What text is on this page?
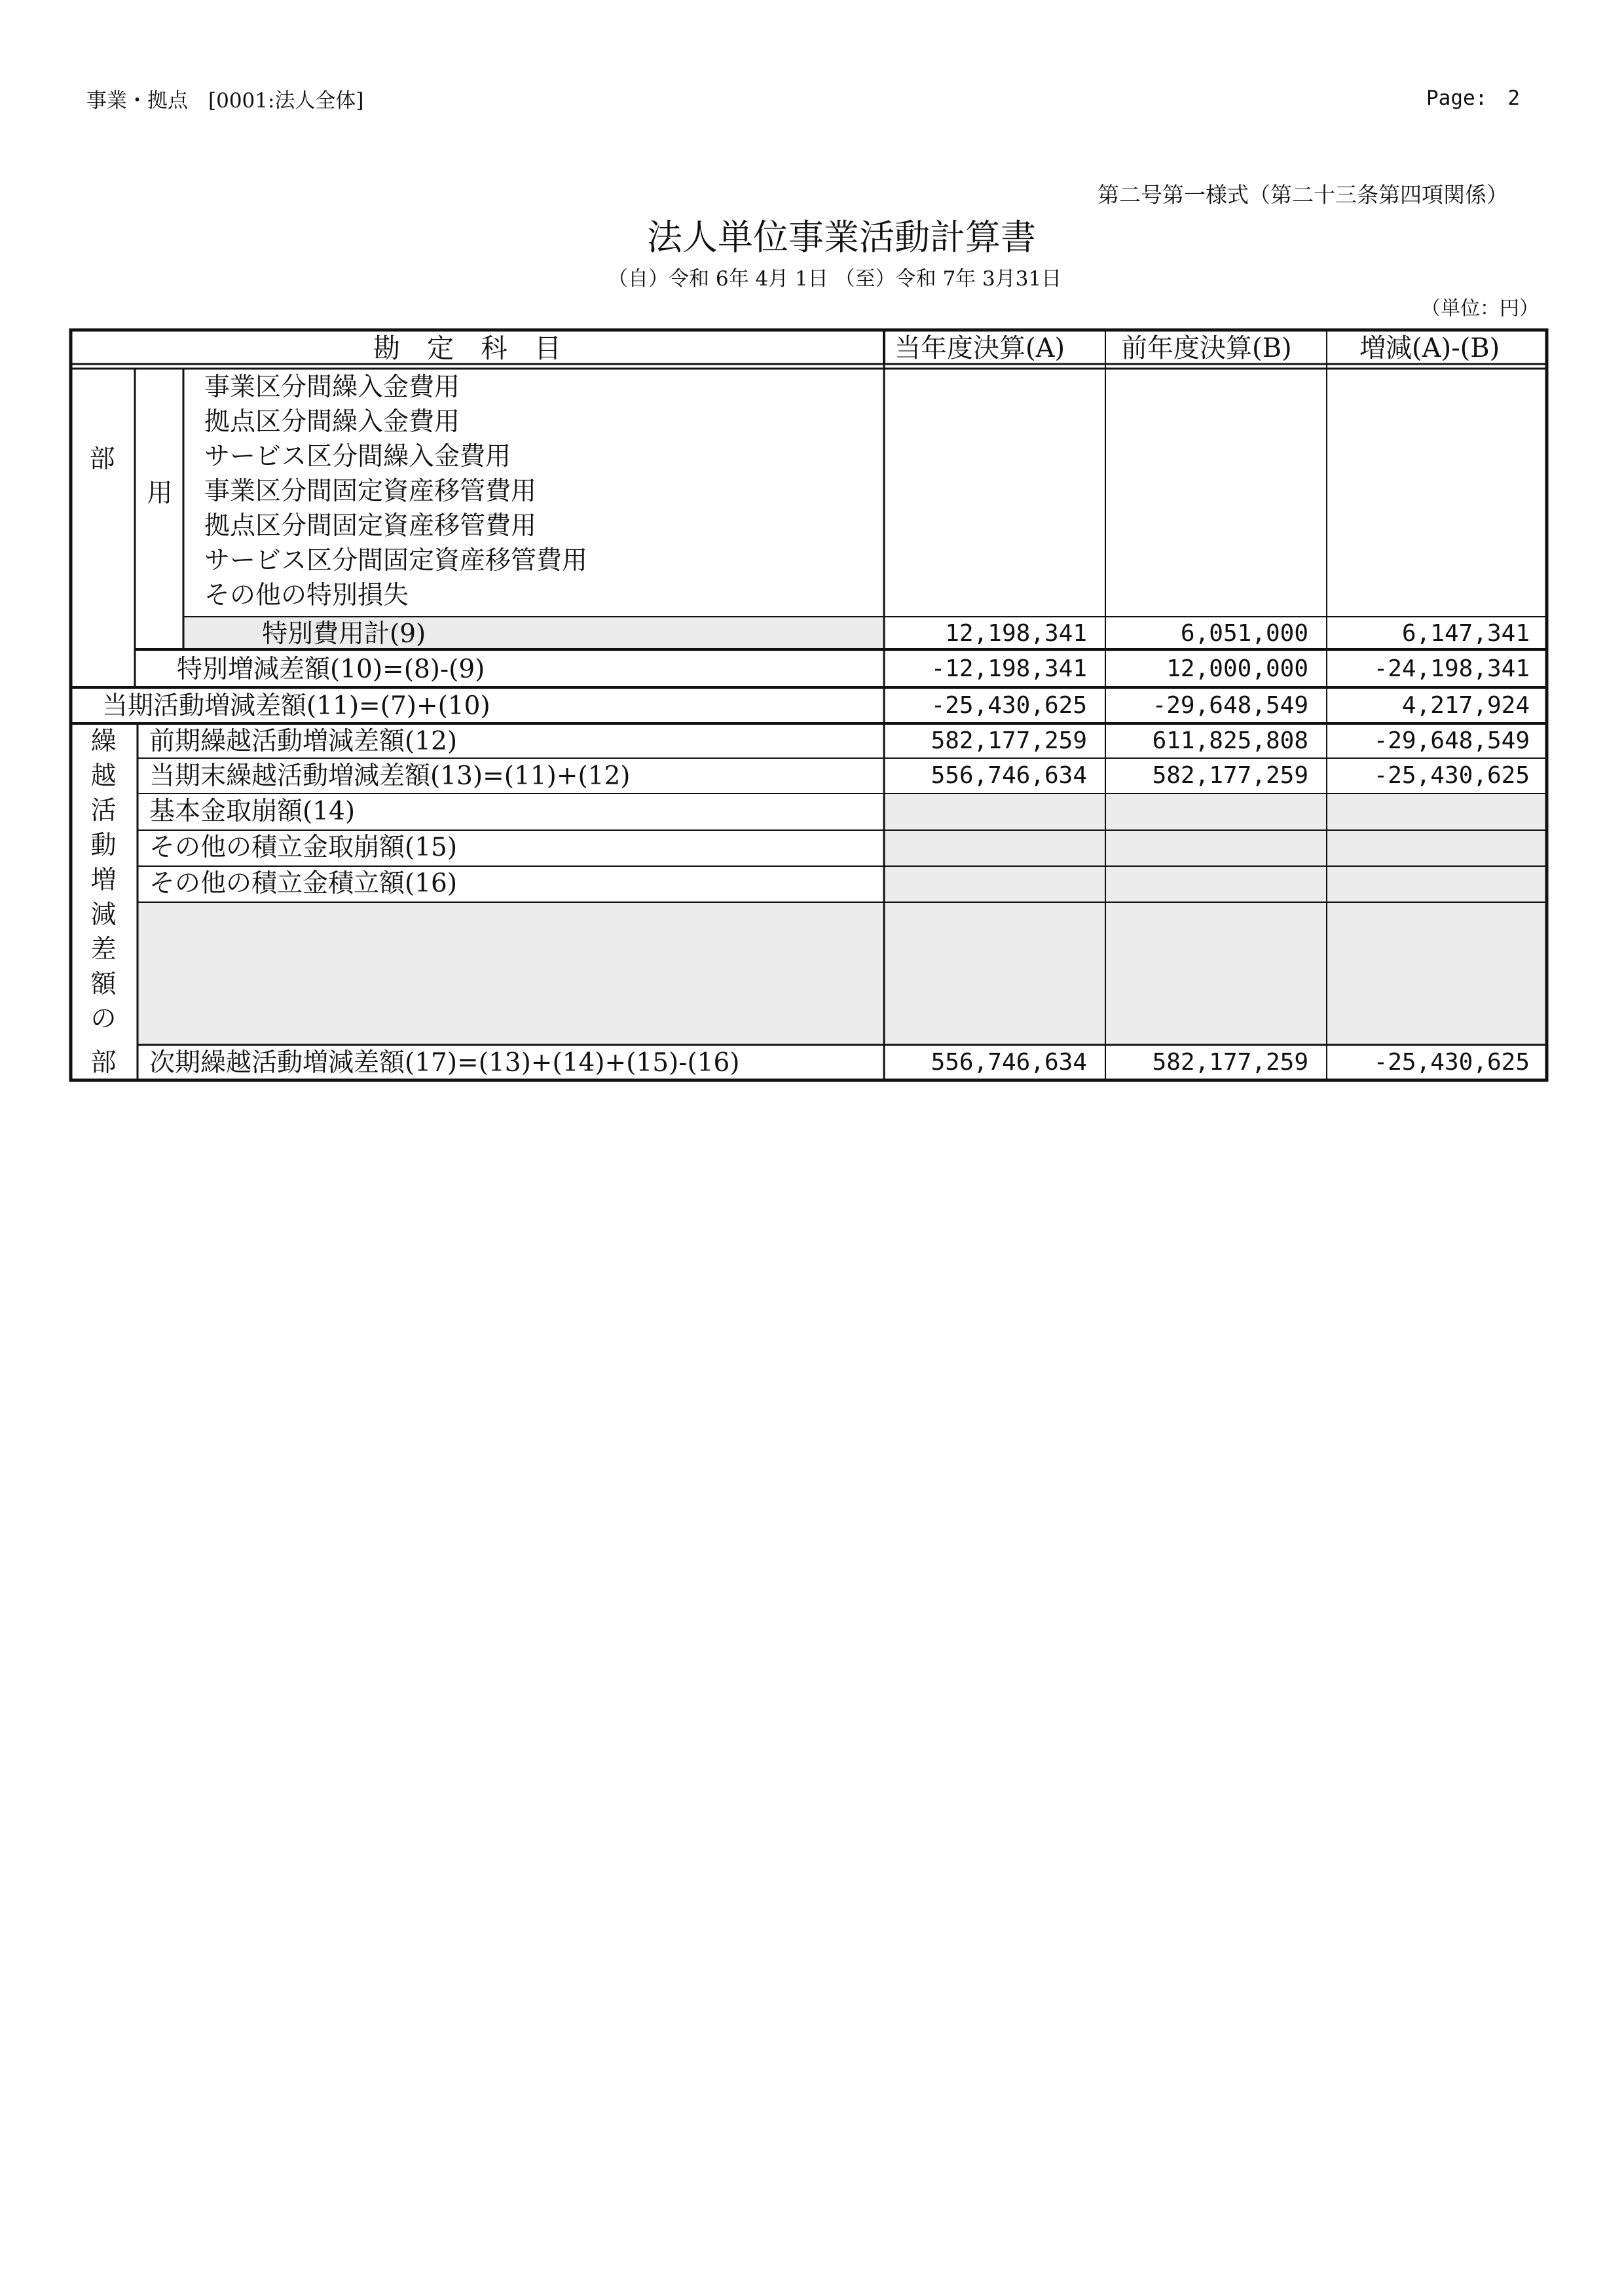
事業・拠点　[0001:法人全体]	Page:　2
第二号第一様式（第二十三条第四項関係）
法人単位事業活動計算書
（自）令和 6年 4月 1日 （至）令和 7年 3月31日
（単位：円）
勘　定　科　目	当年度決算(A) 前年度決算(B)	増減(A)-(B)
部
用
事業区分間繰入金費用
拠点区分間繰入金費用
サービス区分間繰入金費用
事業区分間固定資産移管費用
拠点区分間固定資産移管費用
サービス区分間固定資産移管費用
その他の特別損失
特別費用計(9)	12,198,341	6,051,000	6,147,341
特別増減差額(10)=(8)-(9)	-12,198,341	12,000,000	-24,198,341
当期活動増減差額(11)=(7)+(10)	-25,430,625	-29,648,549	4,217,924
繰
越
活
動
増
減
差
額
の
部
前期繰越活動増減差額(12)	582,177,259	611,825,808	-29,648,549
当期末繰越活動増減差額(13)=(11)+(12)	556,746,634	582,177,259	-25,430,625
基本金取崩額(14)
その他の積立金取崩額(15)
その他の積立金積立額(16)
次期繰越活動増減差額(17)=(13)+(14)+(15)-(16)	556,746,634	582,177,259	-25,430,625
